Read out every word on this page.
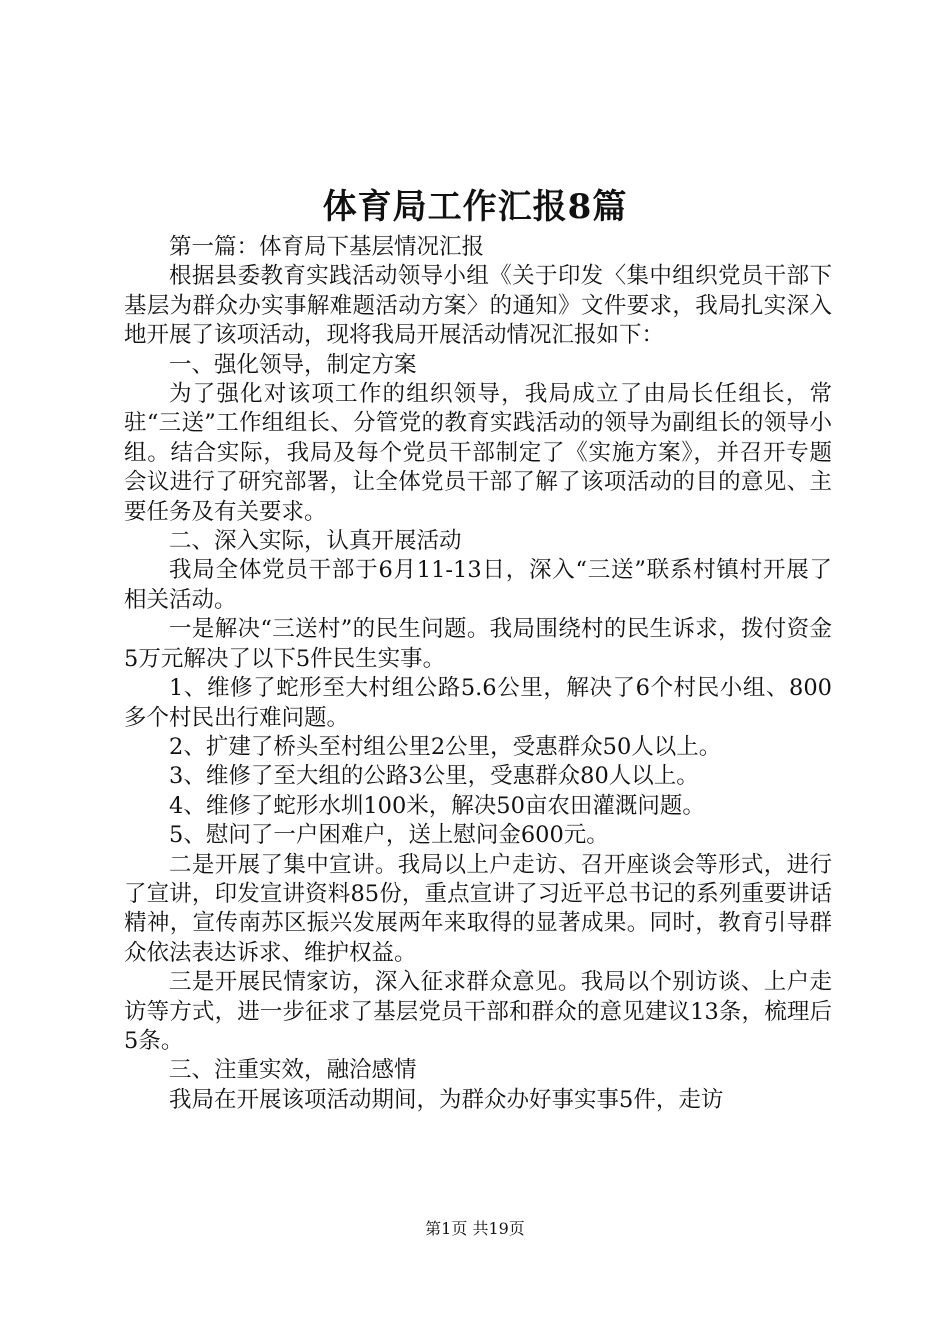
体育局工作汇报8篇

第一篇：体育局下基层情况汇报

根据县委教育实践活动领导小组《关于印发〈集中组织党员干部下基层为群众办实事解难题活动方案〉的通知》文件要求，我局扎实深入地开展了该项活动，现将我局开展活动情况汇报如下：

一、强化领导，制定方案

为了强化对该项工作的组织领导，我局成立了由局长任组长，常驻“三送”工作组组长、分管党的教育实践活动的领导为副组长的领导小组。结合实际，我局及每个党员干部制定了《实施方案》，并召开专题会议进行了研究部署，让全体党员干部了解了该项活动的目的意见、主要任务及有关要求。

二、深入实际，认真开展活动

我局全体党员干部于6月11-13日，深入“三送”联系村镇村开展了相关活动。

一是解决“三送村”的民生问题。我局围绕村的民生诉求，拨付资金5万元解决了以下5件民生实事。

1、维修了蛇形至大村组公路5.6公里，解决了6个村民小组、800多个村民出行难问题。

2、扩建了桥头至村组公里2公里，受惠群众50人以上。

3、维修了至大组的公路3公里，受惠群众80人以上。

4、维修了蛇形水圳100米，解决50亩农田灌溉问题。

5、慰问了一户困难户，送上慰问金600元。

二是开展了集中宣讲。我局以上户走访、召开座谈会等形式，进行了宣讲，印发宣讲资料85份，重点宣讲了习近平总书记的系列重要讲话精神，宣传南苏区振兴发展两年来取得的显著成果。同时，教育引导群众依法表达诉求、维护权益。

三是开展民情家访，深入征求群众意见。我局以个别访谈、上户走访等方式，进一步征求了基层党员干部和群众的意见建议13条，梳理后5条。

三、注重实效，融洽感情

我局在开展该项活动期间，为群众办好事实事5件，走访

第1页 共19页
